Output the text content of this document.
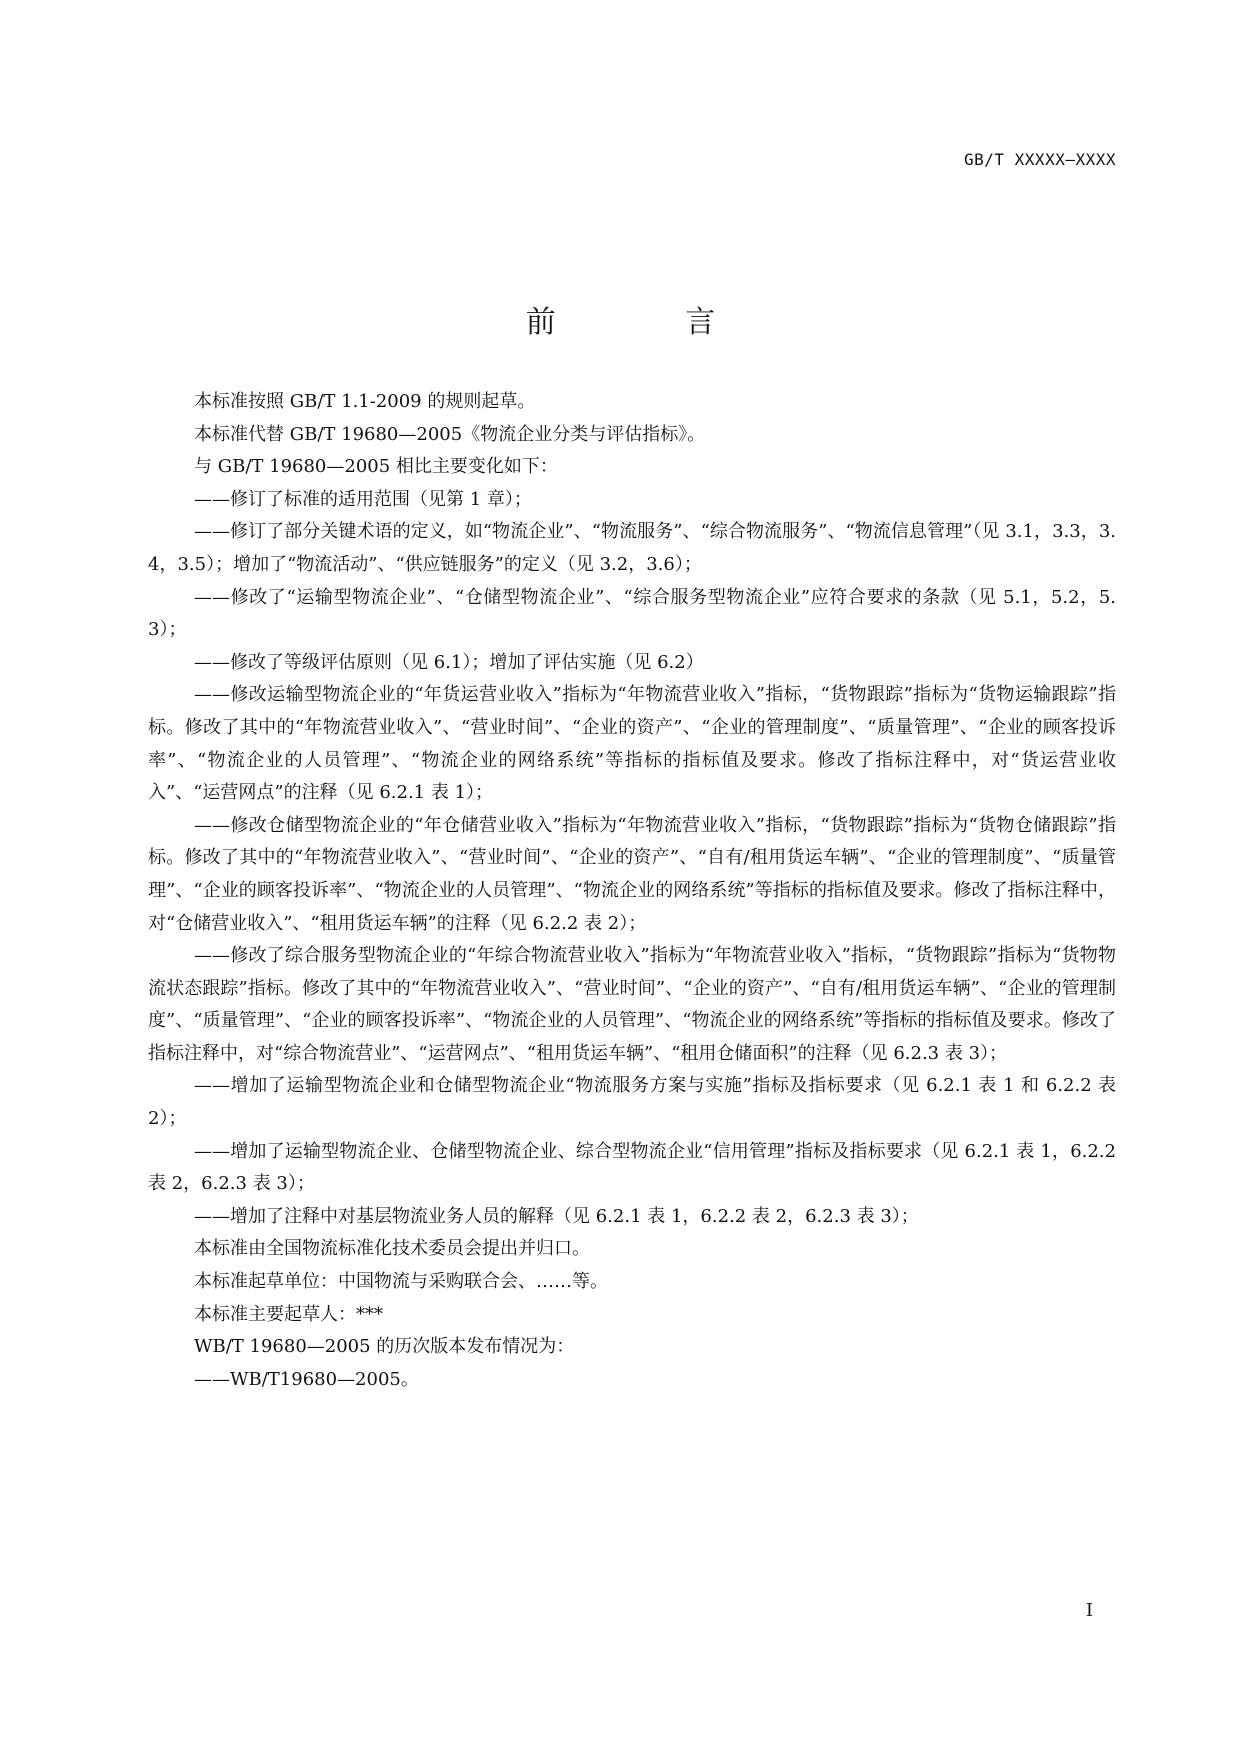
GB/T XXXXX—XXXX
前 言

本标准按照 GB/T 1.1-2009 的规则起草。

本标准代替 GB/T 19680—2005《物流企业分类与评估指标》。

与 GB/T 19680—2005 相比主要变化如下：

——修订了标准的适用范围（见第 1 章）；

——修订了部分关键术语的定义，如“物流企业”、“物流服务”、“综合物流服务”、“物流信息管理”（见 3.1，3.3，3.4，3.5）；增加了“物流活动”、“供应链服务”的定义（见 3.2，3.6）；

——修改了“运输型物流企业”、“仓储型物流企业”、“综合服务型物流企业”应符合要求的条款（见 5.1，5.2，5.3）；

——修改了等级评估原则（见 6.1）；增加了评估实施（见 6.2）

——修改运输型物流企业的“年货运营业收入”指标为“年物流营业收入”指标，“货物跟踪”指标为“货物运输跟踪”指标。修改了其中的“年物流营业收入”、“营业时间”、“企业的资产”、“企业的管理制度”、“质量管理”、“企业的顾客投诉率”、“物流企业的人员管理”、“物流企业的网络系统”等指标的指标值及要求。修改了指标注释中，对“货运营业收入”、“运营网点”的注释（见 6.2.1 表 1）；

——修改仓储型物流企业的“年仓储营业收入”指标为“年物流营业收入”指标，“货物跟踪”指标为“货物仓储跟踪”指标。修改了其中的“年物流营业收入”、“营业时间”、“企业的资产”、“自有/租用货运车辆”、“企业的管理制度”、“质量管理”、“企业的顾客投诉率”、“物流企业的人员管理”、“物流企业的网络系统”等指标的指标值及要求。修改了指标注释中，对“仓储营业收入”、“租用货运车辆”的注释（见 6.2.2 表 2）；

——修改了综合服务型物流企业的“年综合物流营业收入”指标为“年物流营业收入”指标，“货物跟踪”指标为“货物物流状态跟踪”指标。修改了其中的“年物流营业收入”、“营业时间”、“企业的资产”、“自有/租用货运车辆”、“企业的管理制度”、“质量管理”、“企业的顾客投诉率”、“物流企业的人员管理”、“物流企业的网络系统”等指标的指标值及要求。修改了指标注释中，对“综合物流营业”、“运营网点”、“租用货运车辆”、“租用仓储面积”的注释（见 6.2.3 表 3）；

——增加了运输型物流企业和仓储型物流企业“物流服务方案与实施”指标及指标要求（见 6.2.1 表 1 和 6.2.2 表 2）；

——增加了运输型物流企业、仓储型物流企业、综合型物流企业“信用管理”指标及指标要求（见 6.2.1 表 1，6.2.2 表 2，6.2.3 表 3）；

——增加了注释中对基层物流业务人员的解释（见 6.2.1 表 1，6.2.2 表 2，6.2.3 表 3）；

本标准由全国物流标准化技术委员会提出并归口。

本标准起草单位：中国物流与采购联合会、……等。

本标准主要起草人：***

WB/T 19680—2005 的历次版本发布情况为：

——WB/T19680—2005。

I
